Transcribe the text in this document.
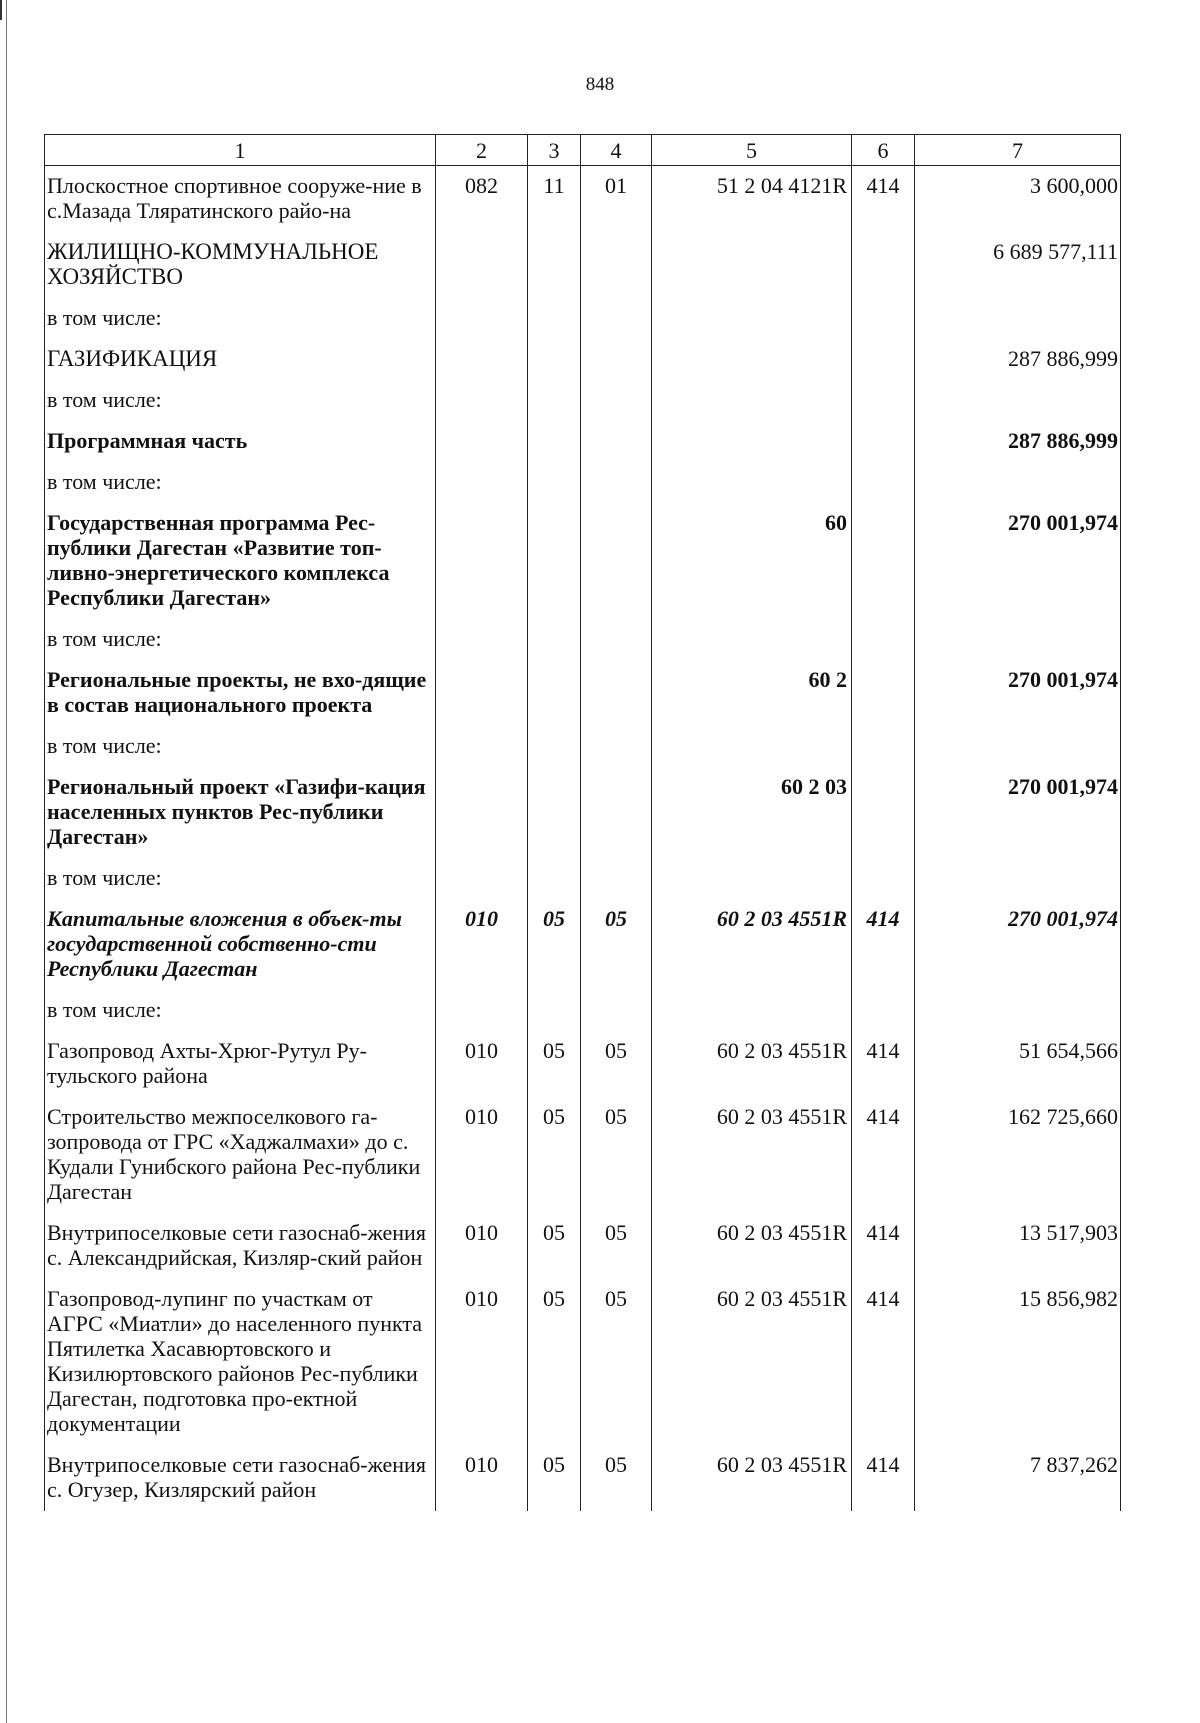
848
1	2	3	4	5	6	7
Плоскостное спортивное сооруже-ние в с.Мазада Тляратинского райо-на	082	11	01	51 2 04 4121R	414	3 600,000
ЖИЛИЩНО-КОММУНАЛЬНОЕ ХОЗЯЙСТВО						6 689 577,111
в том числе:						
ГАЗИФИКАЦИЯ						287 886,999
в том числе:						
Программная часть						287 886,999
в том числе:						
Государственная программа Рес-публики Дагестан «Развитие топ-ливно-энергетического комплекса Республики Дагестан»				60		270 001,974
в том числе:						
Региональные проекты, не вхо-дящие в состав национального проекта				60 2		270 001,974
в том числе:						
Региональный проект «Газифи-кация населенных пунктов Рес-публики Дагестан»				60 2 03		270 001,974
в том числе:						
Капитальные вложения в объек-ты государственной собственно-сти Республики Дагестан	010	05	05	60 2 03 4551R	414	270 001,974
в том числе:						
Газопровод Ахты-Хрюг-Рутул Ру-тульского района	010	05	05	60 2 03 4551R	414	51 654,566
Строительство межпоселкового га-зопровода от ГРС «Хаджалмахи» до с. Кудали Гунибского района Рес-публики Дагестан	010	05	05	60 2 03 4551R	414	162 725,660
Внутрипоселковые сети газоснаб-жения с. Александрийская, Кизляр-ский район	010	05	05	60 2 03 4551R	414	13 517,903
Газопровод-лупинг по участкам от АГРС «Миатли» до населенного пункта Пятилетка Хасавюртовского и Кизилюртовского районов Рес-публики Дагестан, подготовка про-ектной документации	010	05	05	60 2 03 4551R	414	15 856,982
Внутрипоселковые сети газоснаб-жения с. Огузер, Кизлярский район	010	05	05	60 2 03 4551R	414	7 837,262
